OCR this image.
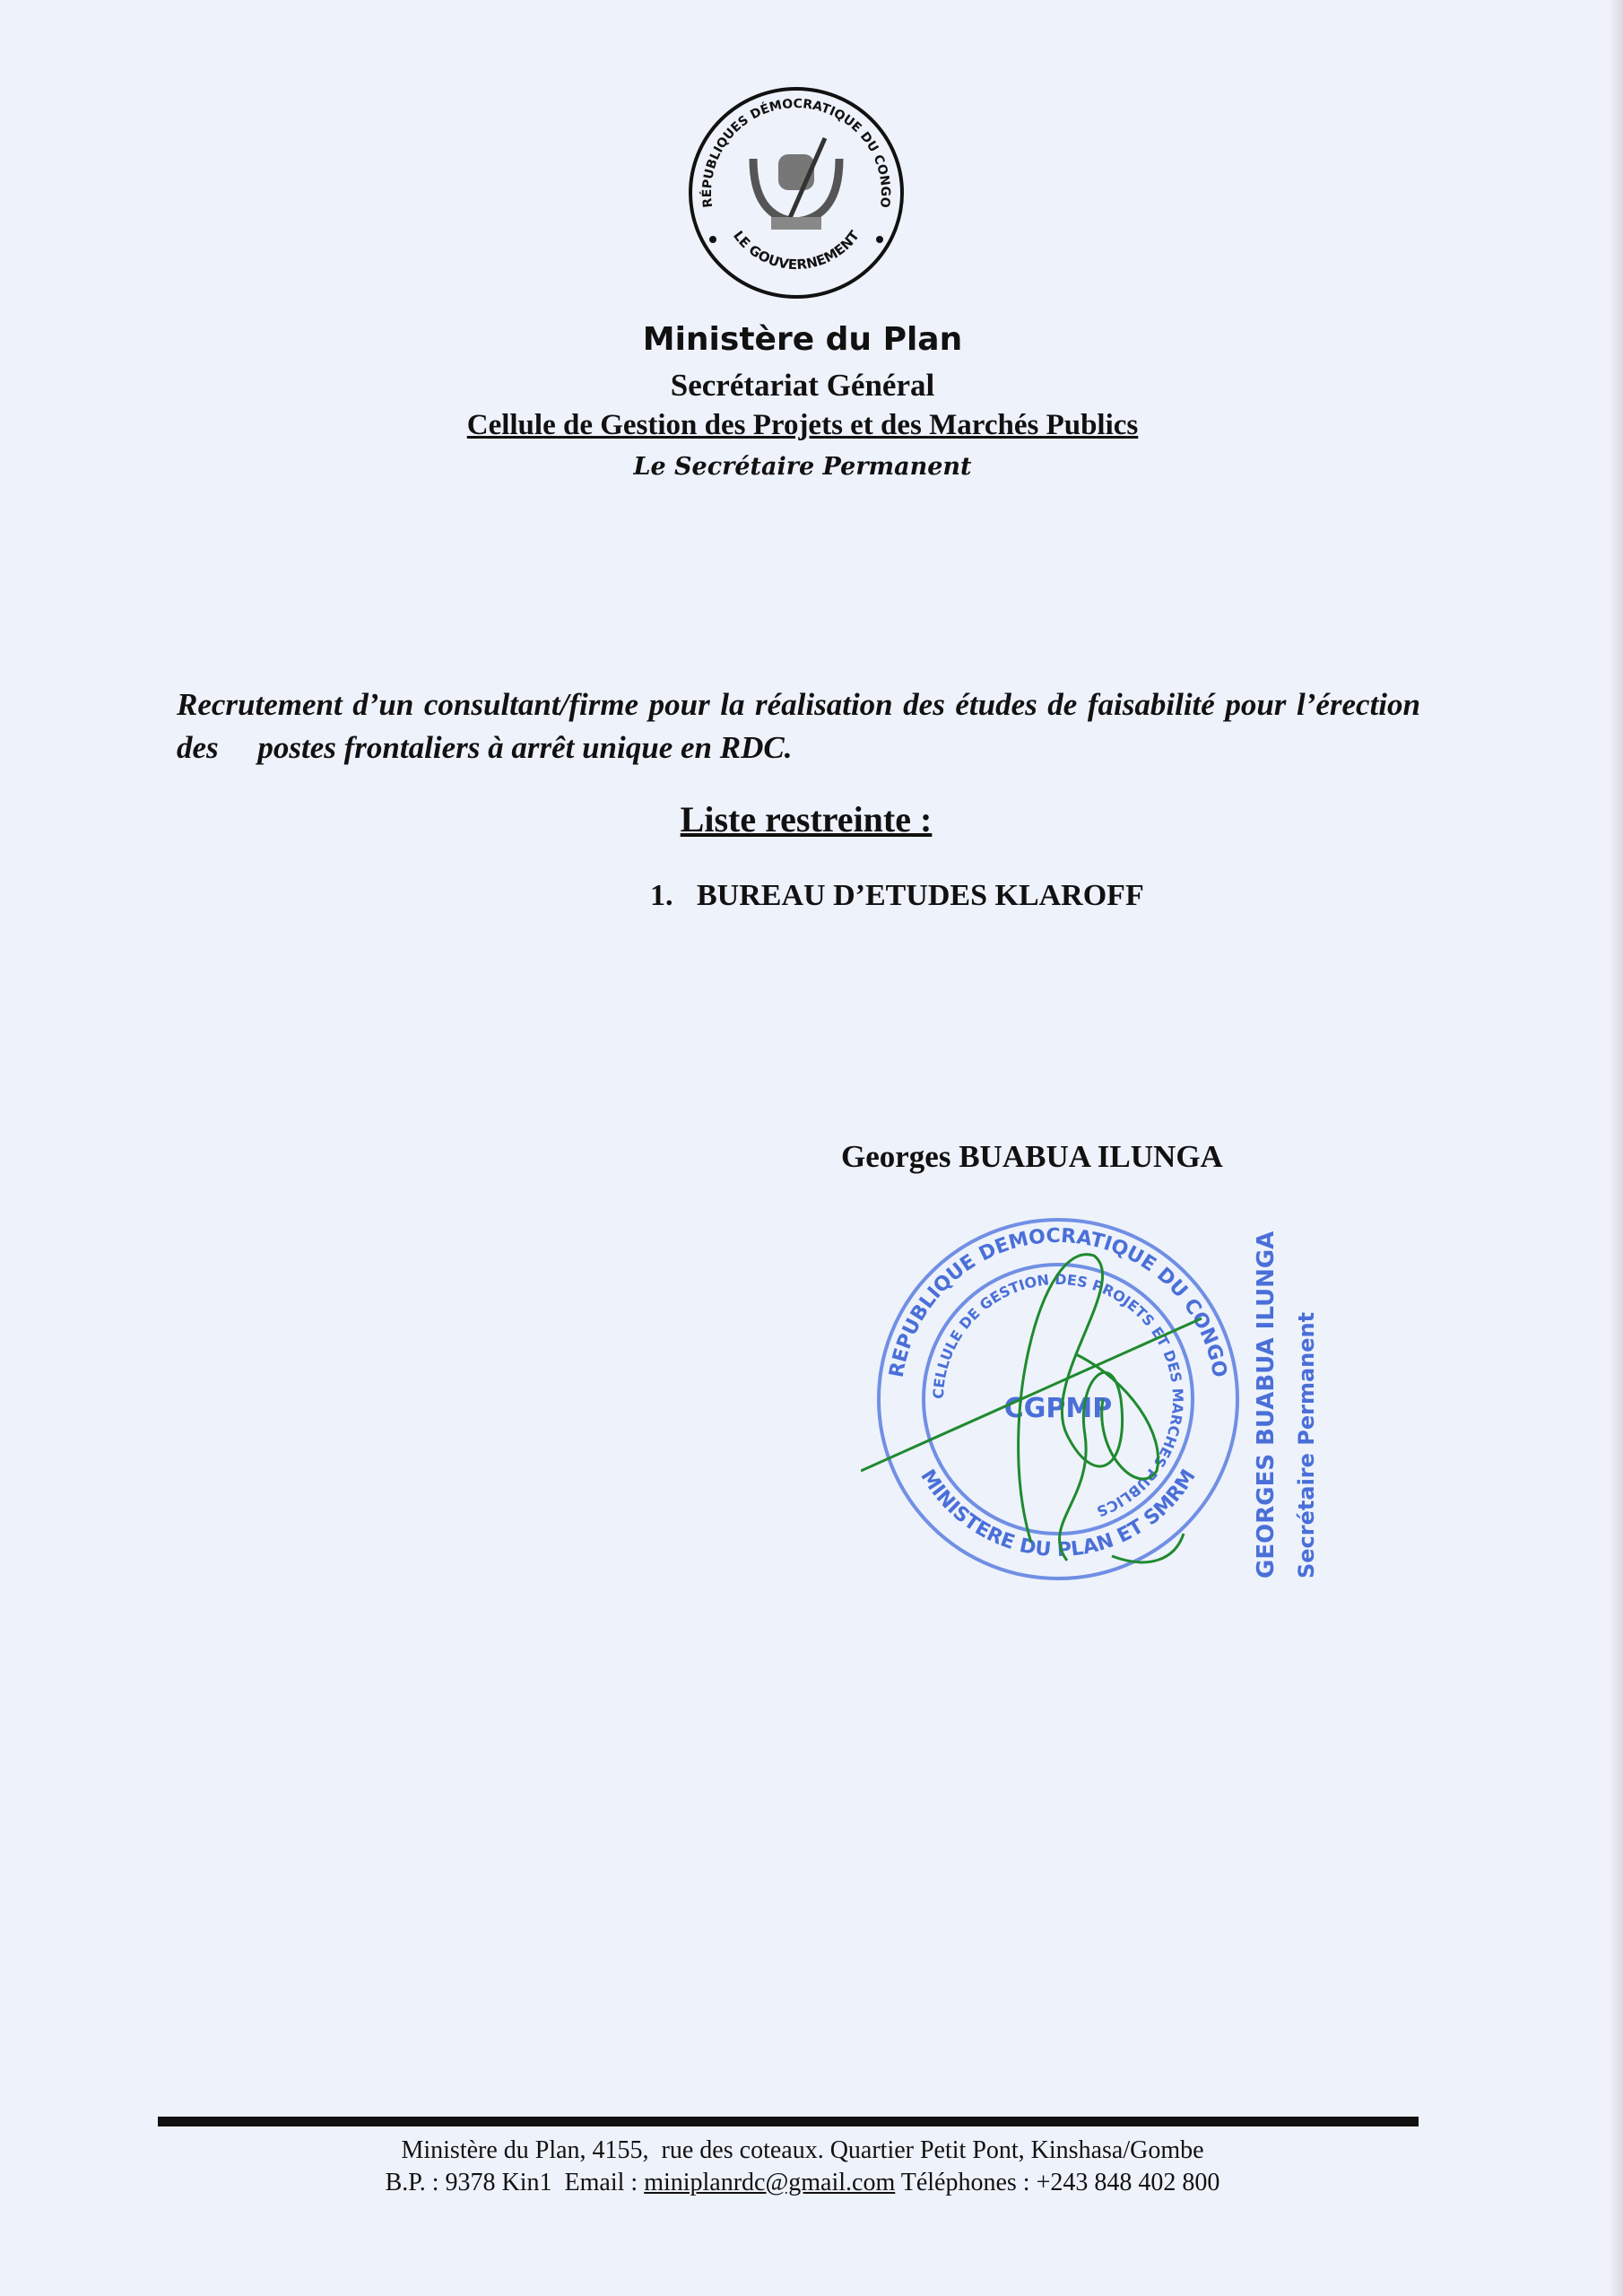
RÉPUBLIQUES DÉMOCRATIQUE DU CONGO
LE GOUVERNEMENT
Ministère du Plan
Secrétariat Général
Cellule de Gestion des Projets et des Marchés Publics
Le Secrétaire Permanent
Recrutement d’un consultant/firme pour la réalisation des études de faisabilité pour l’érection des     postes frontaliers à arrêt unique en RDC.
Liste restreinte :
1. BUREAU D’ETUDES KLAROFF
Georges BUABUA ILUNGA
REPUBLIQUE DEMOCRATIQUE DU CONGO
CELLULE DE GESTION DES PROJETS ET DES MARCHES PUBLICS
MINISTERE DU PLAN ET SMRM
CGPMP	GEORGES BUABUA ILUNGA Secrétaire Permanent
Ministère du Plan, 4155,  rue des coteaux. Quartier Petit Pont, Kinshasa/Gombe
B.P. : 9378 Kin1  Email : miniplanrdc@gmail.com Téléphones : +243 848 402 800
